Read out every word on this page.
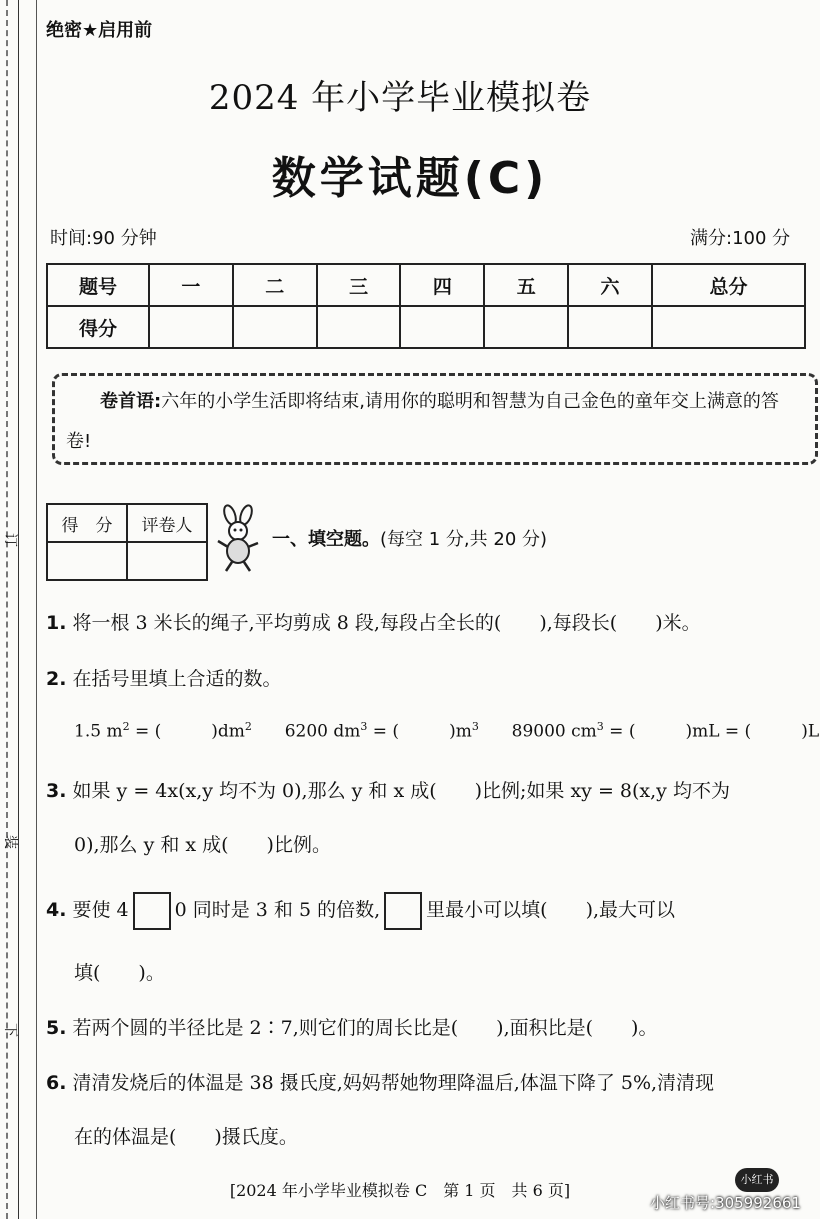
订
装
下
绝密★启用前
2024 年小学毕业模拟卷
数学试题(C)
时间:90 分钟	满分:100 分
题号	一	二	三	四	五	六	总分
得分							
卷首语:六年的小学生活即将结束,请用你的聪明和智慧为自己金色的童年交上满意的答卷!
得　分	评卷人

一、填空题。(每空 1 分,共 20 分)
1. 将一根 3 米长的绳子,平均剪成 8 段,每段占全长的(　　),每段长(　　)米。
2. 在括号里填上合适的数。
1.5 $m^2$ = (	)$dm^2$ 6200 $dm^3$ = (	)$m^3$ 89000 $cm^3$ = (	)mL = (	)L
3. 如果 y = 4x(x,y 均不为 0),那么 y 和 x 成(　　)比例;如果 xy = 8(x,y 均不为
0),那么 y 和 x 成(　　)比例。
4. 要使 4 0 同时是 3 和 5 的倍数, 里最小可以填(　　),最大可以
填(　　)。
5. 若两个圆的半径比是 2∶7,则它们的周长比是(　　),面积比是(　　)。
6. 清清发烧后的体温是 38 摄氏度,妈妈帮她物理降温后,体温下降了 5%,清清现
在的体温是(　　)摄氏度。
[2024 年小学毕业模拟卷 C　第 1 页　共 6 页]
小红书
小红书号:305992661
